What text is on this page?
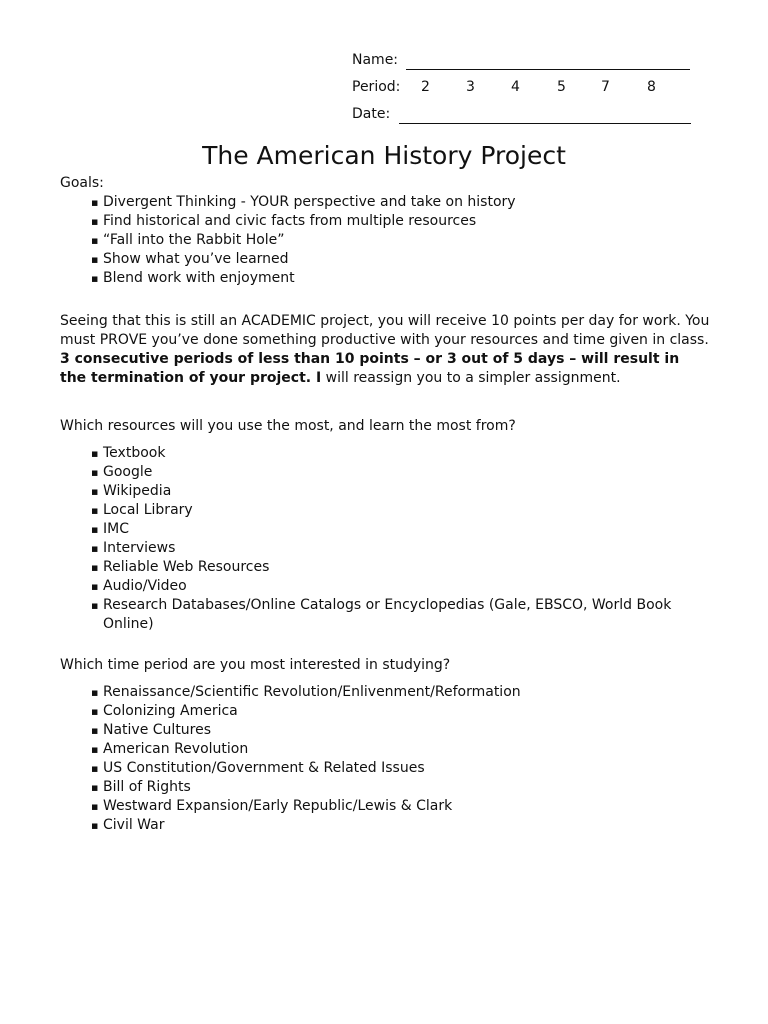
Name:
Period: 2	3	4	5	7	8
Date:
The American History Project

Goals:

▪ Divergent Thinking - YOUR perspective and take on history
▪ Find historical and civic facts from multiple resources
▪ “Fall into the Rabbit Hole”
▪ Show what you’ve learned
▪ Blend work with enjoyment

Seeing that this is still an ACADEMIC project, you will receive 10 points per day for work. You must PROVE you’ve done something productive with your resources and time given in class. 3 consecutive periods of less than 10 points – or 3 out of 5 days – will result in the termination of your project. I will reassign you to a simpler assignment.

Which resources will you use the most, and learn the most from?

▪ Textbook
▪ Google
▪ Wikipedia
▪ Local Library
▪ IMC
▪ Interviews
▪ Reliable Web Resources
▪ Audio/Video
▪ Research Databases/Online Catalogs or Encyclopedias (Gale, EBSCO, World Book Online)

Which time period are you most interested in studying?

▪ Renaissance/Scientific Revolution/Enlivenment/Reformation
▪ Colonizing America
▪ Native Cultures
▪ American Revolution
▪ US Constitution/Government & Related Issues
▪ Bill of Rights
▪ Westward Expansion/Early Republic/Lewis & Clark
▪ Civil War
